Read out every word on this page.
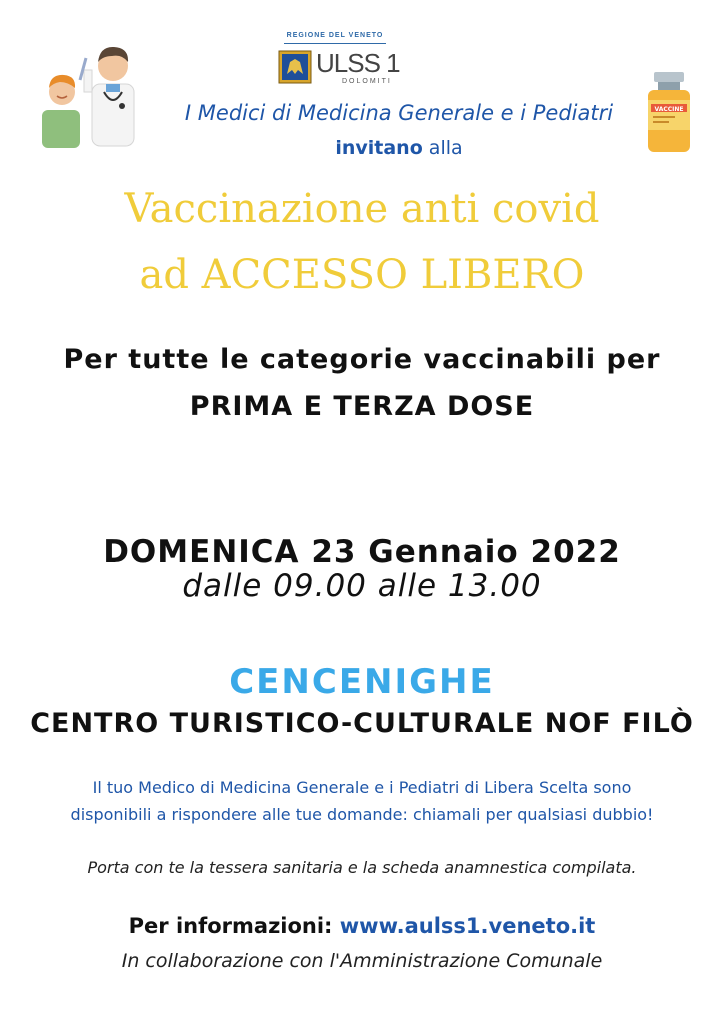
REGIONE DEL VENETO
ULSS 1
DOLOMITI
VACCINE
I Medici di Medicina Generale e i Pediatri
invitano alla
Vaccinazione anti covid
ad ACCESSO LIBERO
Per tutte le categorie vaccinabili per
PRIMA E TERZA DOSE
DOMENICA 23 Gennaio 2022
dalle 09.00 alle 13.00
CENCENIGHE
CENTRO TURISTICO-CULTURALE NOF FILÒ
Il tuo Medico di Medicina Generale e i Pediatri di Libera Scelta sono
disponibili a rispondere alle tue domande: chiamali per qualsiasi dubbio!
Porta con te la tessera sanitaria e la scheda anamnestica compilata.
Per informazioni: www.aulss1.veneto.it
In collaborazione con l'Amministrazione Comunale
